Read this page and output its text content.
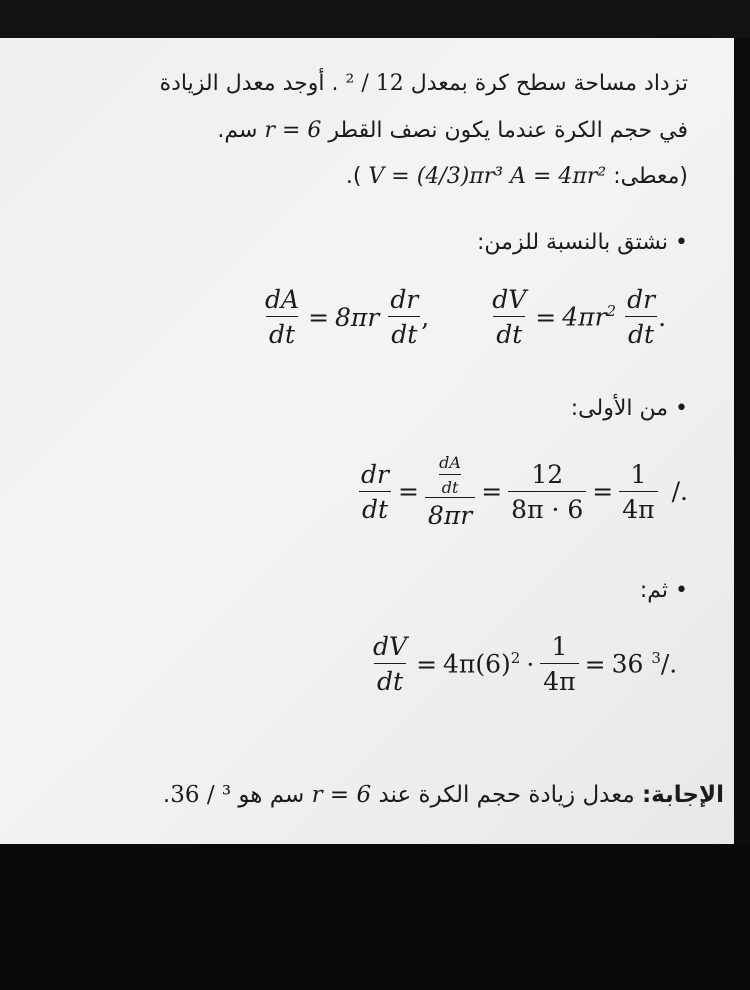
تزداد مساحة سطح كرة بمعدل 12 / ² . أوجد معدل الزيادة
في حجم الكرة عندما يكون نصف القطر r = 6 سم.
(معطى: A = 4πr² V = (4/3)πr³ ).
• نشتق بالنسبة للزمن:
$\frac{dA}{dt} = 8\pi r \frac{dr}{dt}$ , $\frac{dV}{dt} = 4\pi r^2 \frac{dr}{dt}$ .
• من الأولى:
$\frac{dr}{dt} = \frac{\frac{dA}{dt}}{8\pi r} = \frac{12}{8\pi \cdot 6} = \frac{1}{4\pi}$ /.
• ثم:
$\frac{dV}{dt} = 4\pi(6)^2 \cdot \frac{1}{4\pi} = 36$ $^3$/.
الإجابة: معدل زيادة حجم الكرة عند r = 6 سم هو / ³ 36.
